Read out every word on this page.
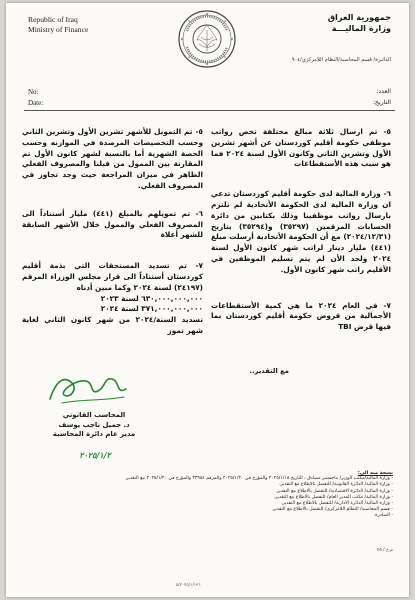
Republic of Iraq
Ministry of Finance
جمهورية العراق
وزارة الماليـــة
الدائـرة/ قسم المحاسبة/النظام اللامركزي/٩٠٤
No:
Date:
العدد:
التاريخ:

٥- تم ارسال ثلاثة مبالغ مختلفة تخص رواتب موظفي حكومة أقليم كوردستان عن أشهر تشرين الأول وتشرين الثاني وكانون الأول لسنة ٢٠٢٤ فما هو سبب هذه الأستقطاعات

٦- وزارة المالية لدى حكومة أقليم كوردستان تدعي ان وزارة المالية لدى الحكومة الأتحادية لم تلتزم بارسال رواتب موظفينا وذلك بكتابين من دائرة الحسابات المرقمين (٣٥٢٩٧) و(٣٥٢٩٤) بتاريخ (٢٠٢٤/١٢/٣١) مع أن الحكومة الأتحادية أرسلت مبلغ (٤٤١) مليار دينار لراتب شهر كانون الأول لسنة ٢٠٢٤ ولحد الأن لم يتم تسليم الموظفين في الأقليم راتب شهر كانون الأول.

٧- في العام ٢٠٢٤ ما هي كمية الأستقطاعات الأجمالية من قروض حكومة أقليم كوردستان بما فيها قرض TBI

٥- تم التمويل للأشهر تشرين الأول وتشرين الثاني وحسب التخصيصات المرصدة في الموازنه وحسب الحصة الشهرية أما بالنسبة لشهر كانون الأول تم المقارنة بين الممول من قبلنا والمصروف الفعلي الظاهر في ميزان المراجعة حيث وجد تجاوز في المصروف الفعلي.

٦- تم تمويلهم بالمبلغ (٤٤١) مليار أستناداً الى المصروف الفعلي والممول خلال الأشهر السابقة للشهر أعلاة

٧- تم تسديد المستحقات التي بذمة أقليم كوردستان أستناداً الى قرار مجلس الوزراء المرقم (٢٤١٩٧) لسنة ٢٠٢٤ وكما مبين أدناه
٦٣٠,٠٠٠,٠٠٠,٠٠٠ لسنة ٢٠٢٣
٣٧١,٠٠٠,٠٠٠,٠٠٠ لسنة ٢٠٢٤
تسديد السنة/٢٠٢٤ من شهر كانون الثاني لغاية شهر تموز

مع التقدير..
المحاسب القانوني
د. جميل ناجب يوسف
مدير عام دائرة المحاسبة
٢٠٢٥/١/٢
نسخة منه الى:
- وزارة المالية/مكتب الوزير/ ماجستير مصادق ، التاريخ ٢٠٢٥/١/١٨ والمؤرخ في ٢٠٢٥/١/٢٠ والمرقم ٣٣٩٥٤ والمؤرخ في ٢٠٢٥/١/٢٠ مع التقدير.
- وزارة المالية/ الدائرة القانونية/ للتفضل بالاطلاع مع التقدير.
- وزارة المالية/ الدائرة الاقتصادية/ للتفضل بالاطلاع مع التقدير.
- وزارة المالية/ مكتب المدير العام/ للتفضل بالاطلاع مع التقدير.
- وزارة المالية/ الدائرة الادارية/ للتفضل بالاطلاع مع التقدير.
- قسم المحاسبة/ النظام اللامركزي/ للتفضل بالاطلاع مع التقدير.
- الصادرة.
م.ح / ٢٥
٥/٢٠٢٥/١/١٣٦
